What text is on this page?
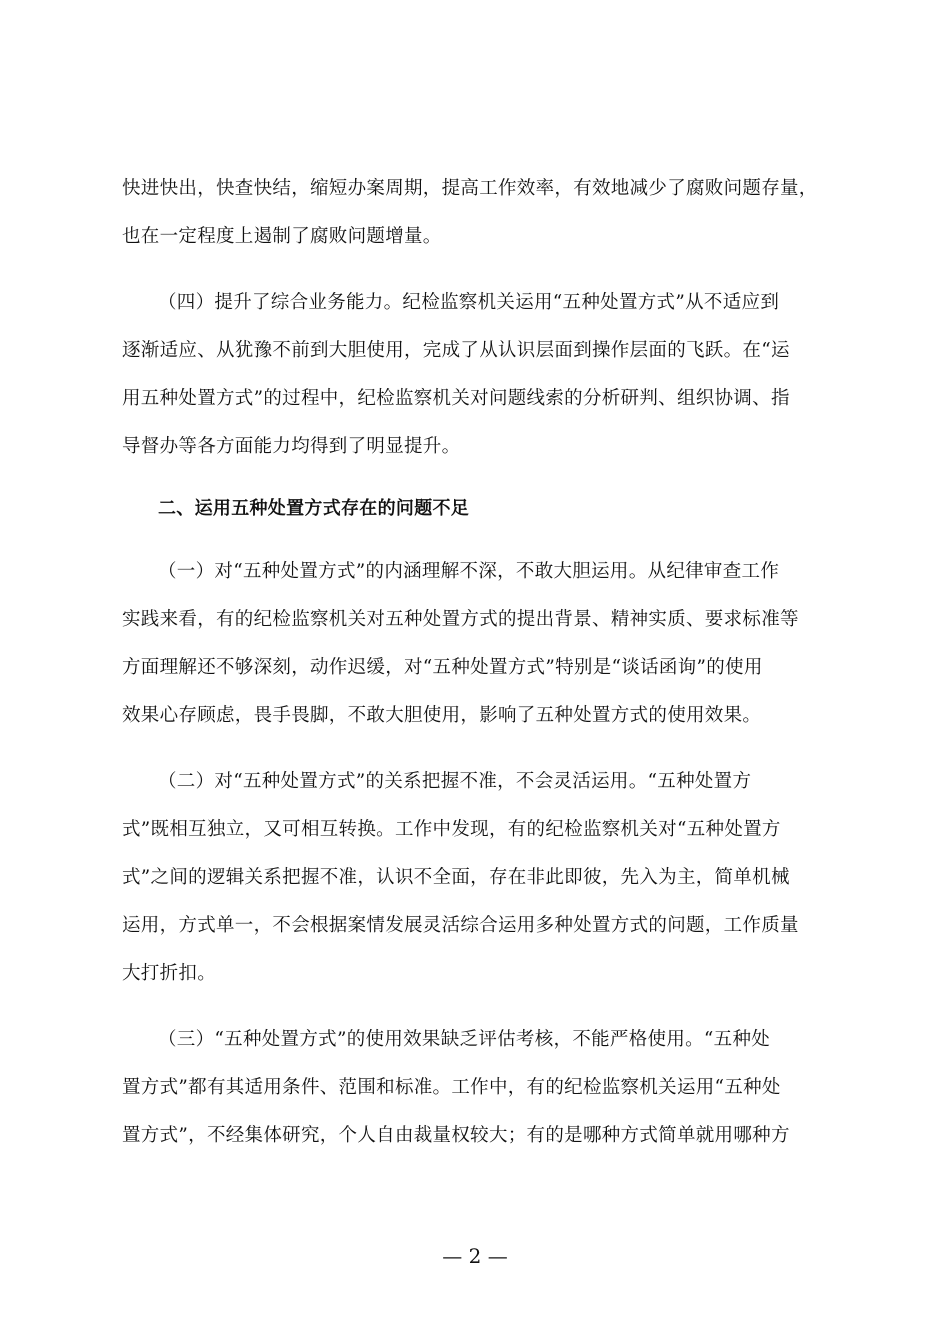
快进快出，快查快结，缩短办案周期，提高工作效率，有效地减少了腐败问题存量，
也在一定程度上遏制了腐败问题增量。
（四）提升了综合业务能力。纪检监察机关运用“五种处置方式”从不适应到
逐渐适应、从犹豫不前到大胆使用，完成了从认识层面到操作层面的飞跃。在“运
用五种处置方式”的过程中，纪检监察机关对问题线索的分析研判、组织协调、指
导督办等各方面能力均得到了明显提升。
二、运用五种处置方式存在的问题不足
（一）对“五种处置方式”的内涵理解不深，不敢大胆运用。从纪律审查工作
实践来看，有的纪检监察机关对五种处置方式的提出背景、精神实质、要求标准等
方面理解还不够深刻，动作迟缓，对“五种处置方式”特别是“谈话函询”的使用
效果心存顾虑，畏手畏脚，不敢大胆使用，影响了五种处置方式的使用效果。
（二）对“五种处置方式”的关系把握不准，不会灵活运用。“五种处置方
式”既相互独立，又可相互转换。工作中发现，有的纪检监察机关对“五种处置方
式”之间的逻辑关系把握不准，认识不全面，存在非此即彼，先入为主，简单机械
运用，方式单一，不会根据案情发展灵活综合运用多种处置方式的问题，工作质量
大打折扣。
（三）“五种处置方式”的使用效果缺乏评估考核，不能严格使用。“五种处
置方式”都有其适用条件、范围和标准。工作中，有的纪检监察机关运用“五种处
置方式”，不经集体研究，个人自由裁量权较大；有的是哪种方式简单就用哪种方
— 2 —
